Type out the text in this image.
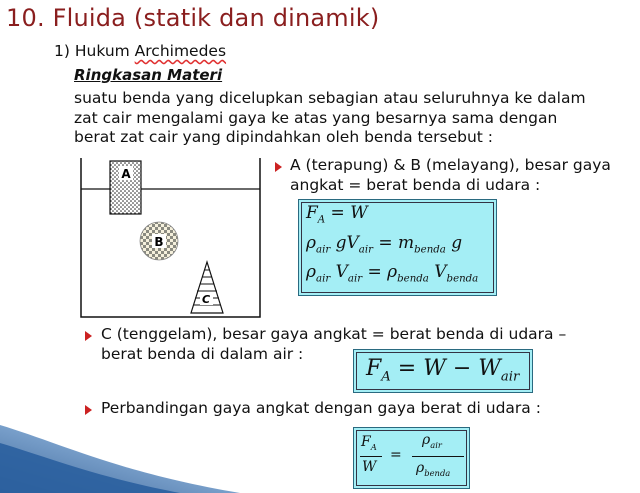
10. Fluida (statik dan dinamik)
1) Hukum Archimedes
Ringkasan Materi
suatu benda yang dicelupkan sebagian atau seluruhnya ke dalam
zat cair mengalami gaya ke atas yang besarnya sama dengan
berat zat cair yang dipindahkan oleh benda tersebut :
A
B
C
A (terapung) & B (melayang), besar gaya
angkat = berat benda di udara :
$F_A = W$
$\rho_{air}$ $gV_{air} = m_{benda}$ g
$\rho_{air}$ $V_{air} = \rho_{benda}$ $V_{benda}$
C (tenggelam), besar gaya angkat = berat benda di udara –
berat benda di dalam air :
$F_A = W - W_{air}$
Perbandingan gaya angkat dengan gaya berat di udara :
$F_A$
W
=
$\rho_{air}$
$\rho_{benda}$
